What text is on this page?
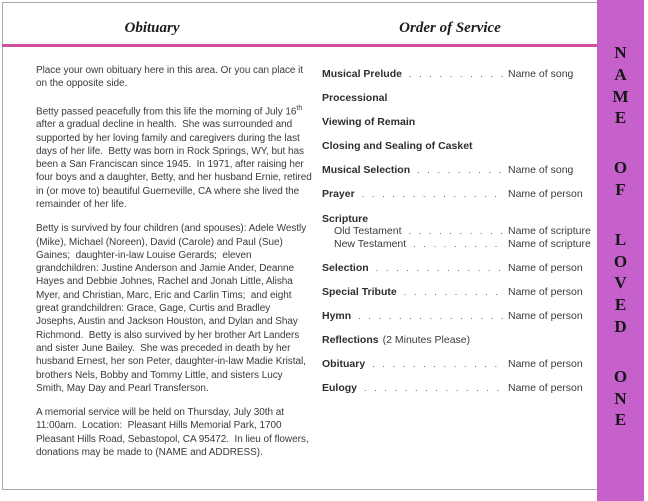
Obituary	Order of Service

Place your own obituary here in this area. Or you can place it on the opposite side.

Betty passed peacefully from this life the morning of July 16th after a gradual decline in health.  She was surrounded and supported by her loving family and caregivers during the last days of her life.  Betty was born in Rock Springs, WY, but has been a San Franciscan since 1945.  In 1971, after raising her four boys and a daughter, Betty, and her husband Ernie, retired in (or move to) beautiful Guerneville, CA where she lived the remainder of her life.

Betty is survived by four children (and spouses): Adele Westly (Mike), Michael (Noreen), David (Carole) and Paul (Sue) Gaines;  daughter-in-law Louise Gerards;  eleven grandchildren: Justine Anderson and Jamie Ander, Deanne Hayes and Debbie Johnes, Rachel and Jonah Little, Alisha Myer, and Christian, Marc, Eric and Carlin Tims;  and eight great grandchildren: Grace, Gage, Curtis and Bradley Josephs, Austin and Jackson Houston, and Dylan and Shay Richmond.  Betty is also survived by her brother Art Landers and sister June Bailey.  She was preceded in death by her husband Ernest, her son Peter, daughter-in-law Madie Kristal, brothers Nels, Bobby and Tommy Little, and sisters Lucy Smith, May Day and Pearl Transferson.

A memorial service will be held on Thursday, July 30th at 11:00am.  Location:  Pleasant Hills Memorial Park, 1700 Pleasant Hills Road, Sebastopol, CA 95472.  In lieu of flowers, donations may be made to (NAME and ADDRESS).

Musical Prelude . . .	Name of song
Processional
Viewing of Remain
Closing and Sealing of Casket
Musical Selection . . .	Name of song
Prayer . . .	Name of person
Scripture
Old Testament . . .	Name of scripture
New Testament . . .	Name of scripture
Selection . . .	Name of person
Special Tribute . . .	Name of person
Hymn . . .	Name of person
Reflections (2 Minutes Please)
Obituary . . .	Name of person
Eulogy . . .	Name of person
N
A
M
E
O
F
L
O
V
E
D
O
N
E
